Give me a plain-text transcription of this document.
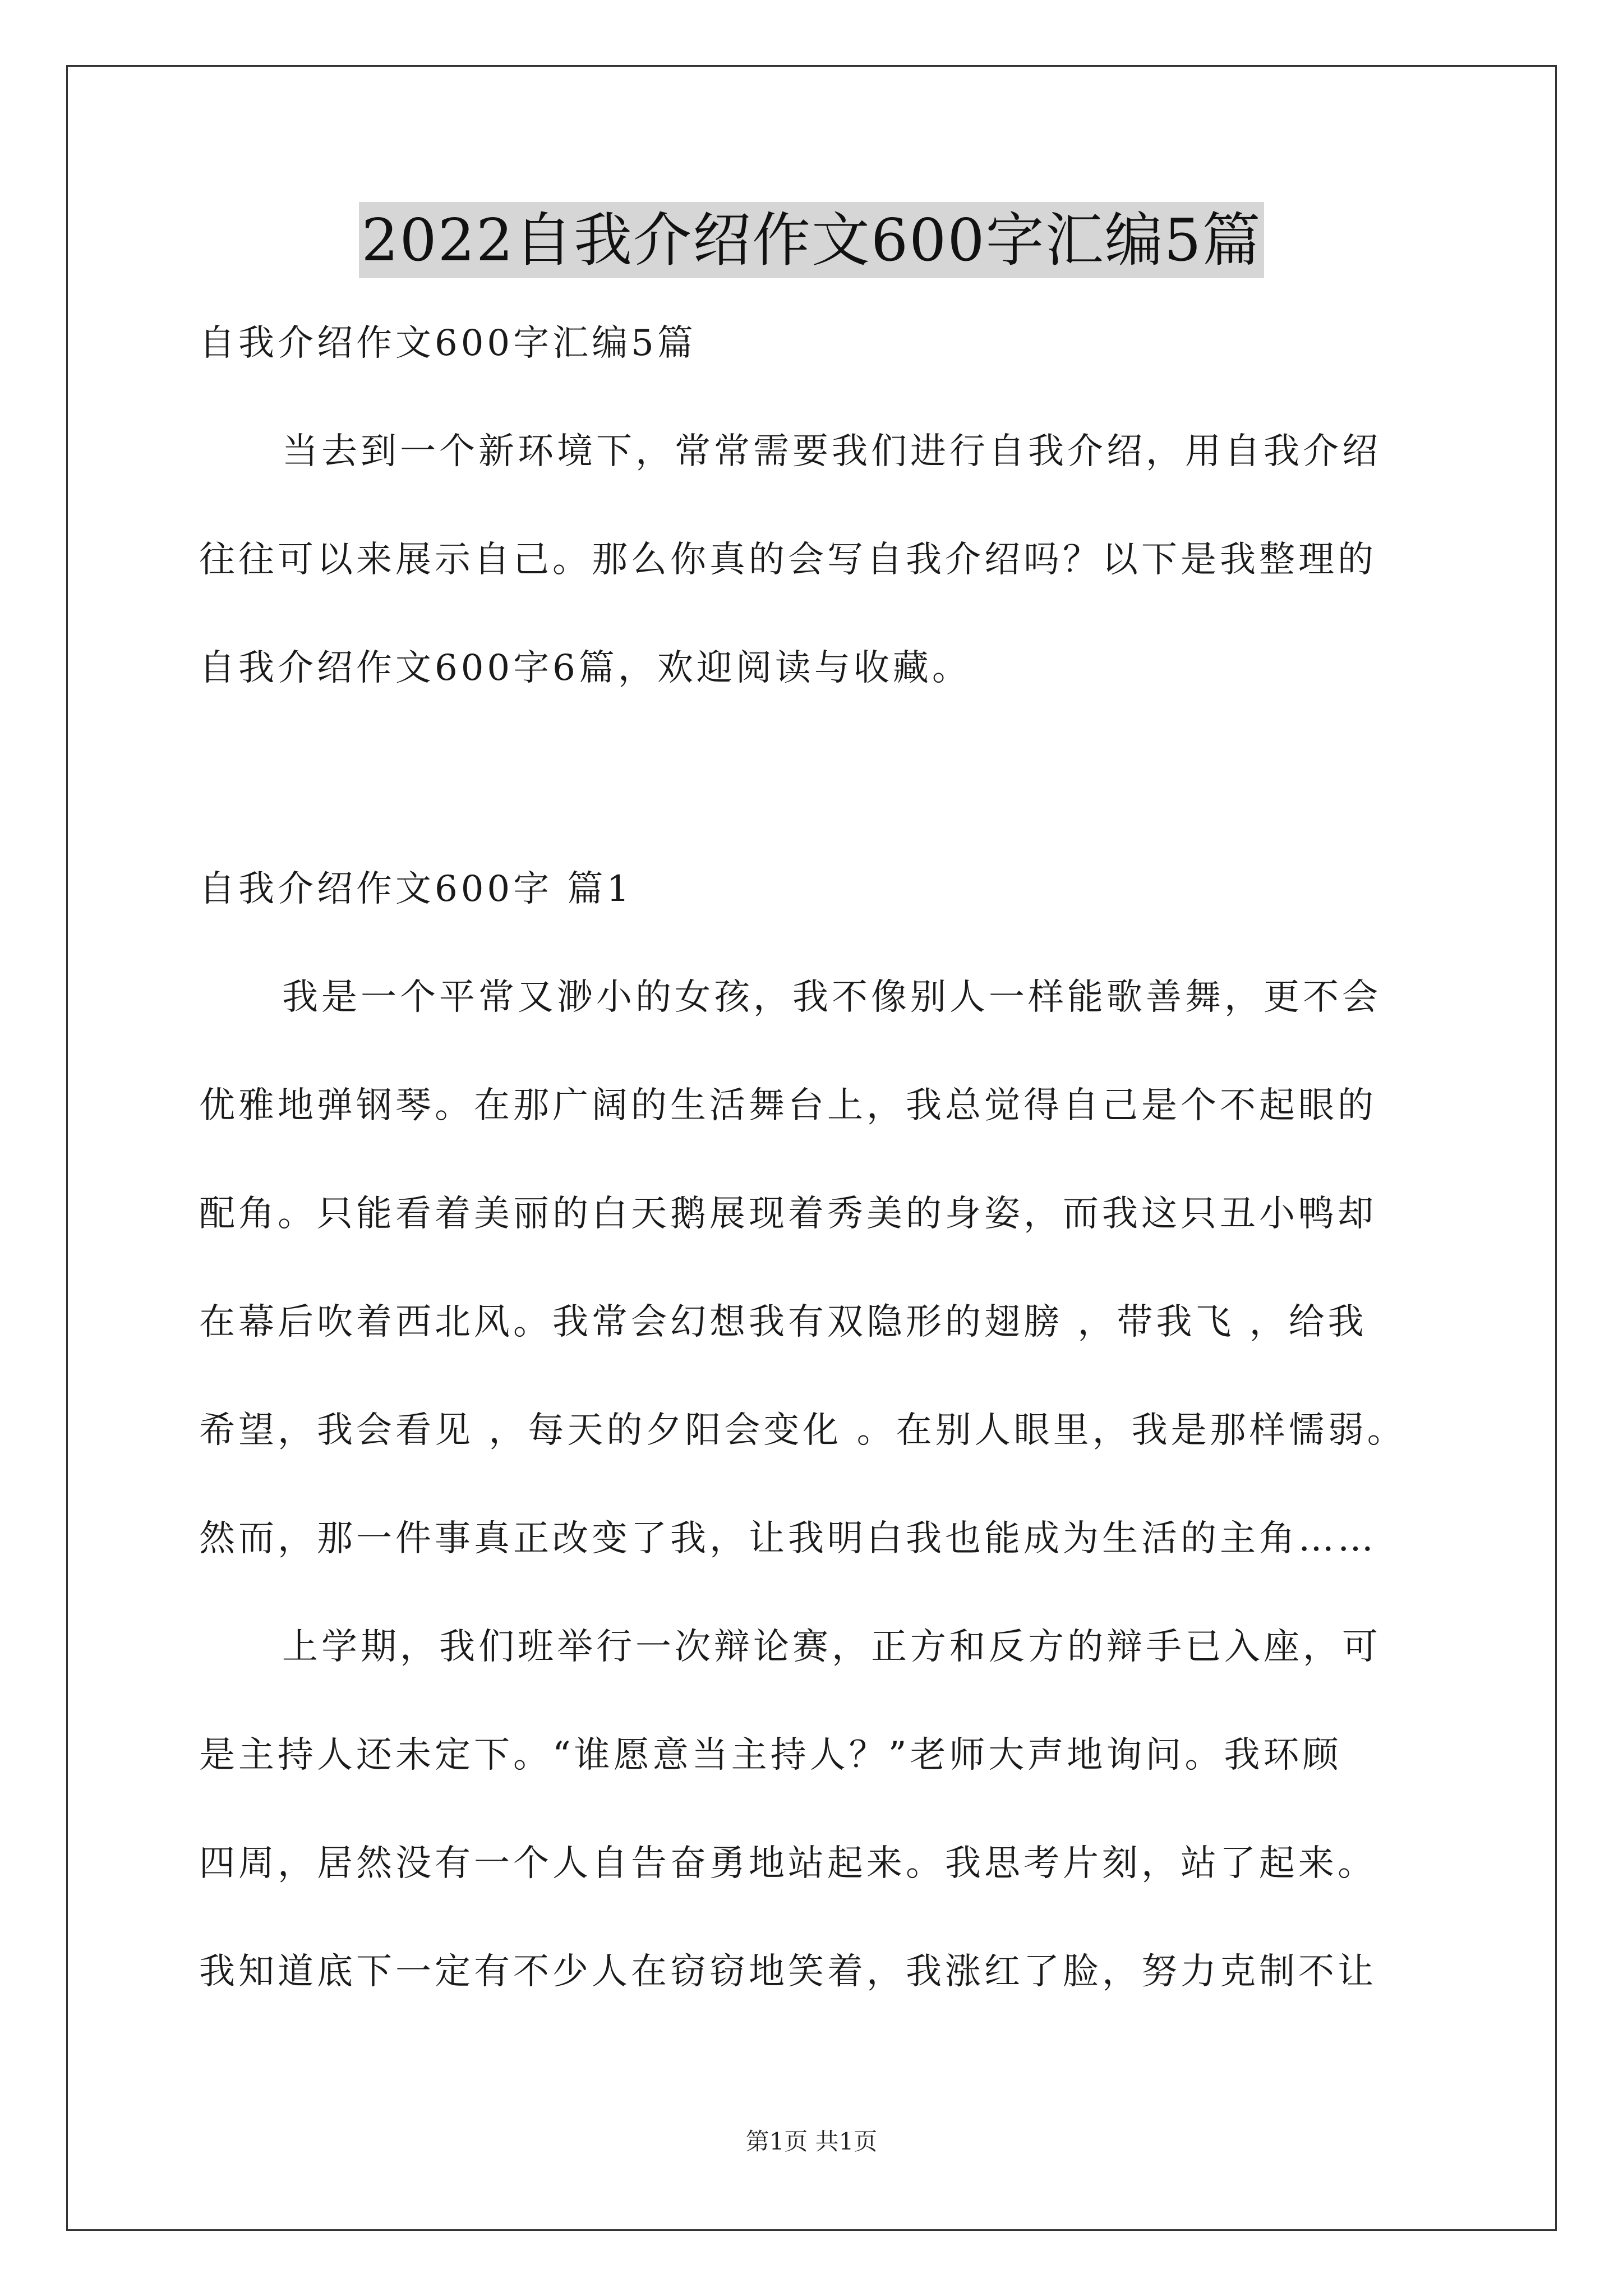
2022自我介绍作文600字汇编5篇
自我介绍作文600字汇编5篇
当去到一个新环境下，常常需要我们进行自我介绍，用自我介绍
往往可以来展示自己。那么你真的会写自我介绍吗？以下是我整理的
自我介绍作文600字6篇，欢迎阅读与收藏。
自我介绍作文600字 篇1
我是一个平常又渺小的女孩，我不像别人一样能歌善舞，更不会
优雅地弹钢琴。在那广阔的生活舞台上，我总觉得自己是个不起眼的
配角。只能看着美丽的白天鹅展现着秀美的身姿，而我这只丑小鸭却
在幕后吹着西北风。我常会幻想我有双隐形的翅膀 ，带我飞 ，给我
希望，我会看见 ，每天的夕阳会变化 。在别人眼里，我是那样懦弱。
然而，那一件事真正改变了我，让我明白我也能成为生活的主角……
上学期，我们班举行一次辩论赛，正方和反方的辩手已入座，可
是主持人还未定下。“谁愿意当主持人？”老师大声地询问。我环顾
四周，居然没有一个人自告奋勇地站起来。我思考片刻，站了起来。
我知道底下一定有不少人在窃窃地笑着，我涨红了脸，努力克制不让
第1页 共1页
